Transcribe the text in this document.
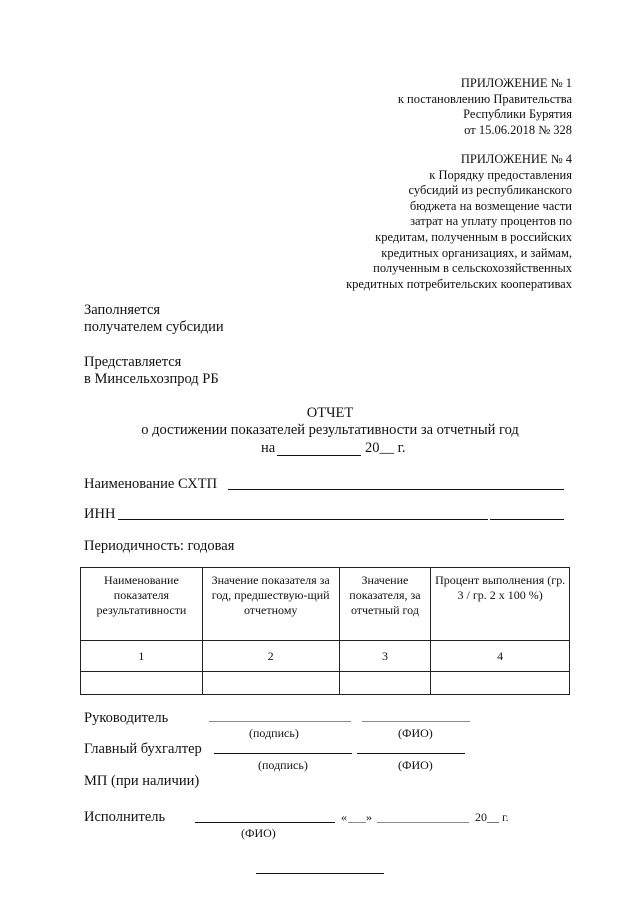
ПРИЛОЖЕНИЕ № 1
к постановлению Правительства
Республики Бурятия
от 15.06.2018 № 328
ПРИЛОЖЕНИЕ № 4
к Порядку предоставления
субсидий из республиканского
бюджета на возмещение части
затрат на уплату процентов по
кредитам, полученным в российских
кредитных организациях, и займам,
полученным в сельскохозяйственных
кредитных потребительских кооперативах
Заполняется
получателем субсидии
Представляется
в Минсельхозпрод РБ
ОТЧЕТ
о достижении показателей результативности за отчетный год
на	20__ г.
Наименование СХТП
ИНН
Периодичность: годовая
Наименование показателя результативности	Значение показателя за год, предшествую-щий отчетному	Значение показателя, за отчетный год	Процент выполнения (гр. 3 / гр. 2 х 100 %)
1	2	3	4

Руководитель
(подпись)	(ФИО)
Главный бухгалтер
(подпись)	(ФИО)
МП (при наличии)
Исполнитель	« »	20__ г.
(ФИО)
